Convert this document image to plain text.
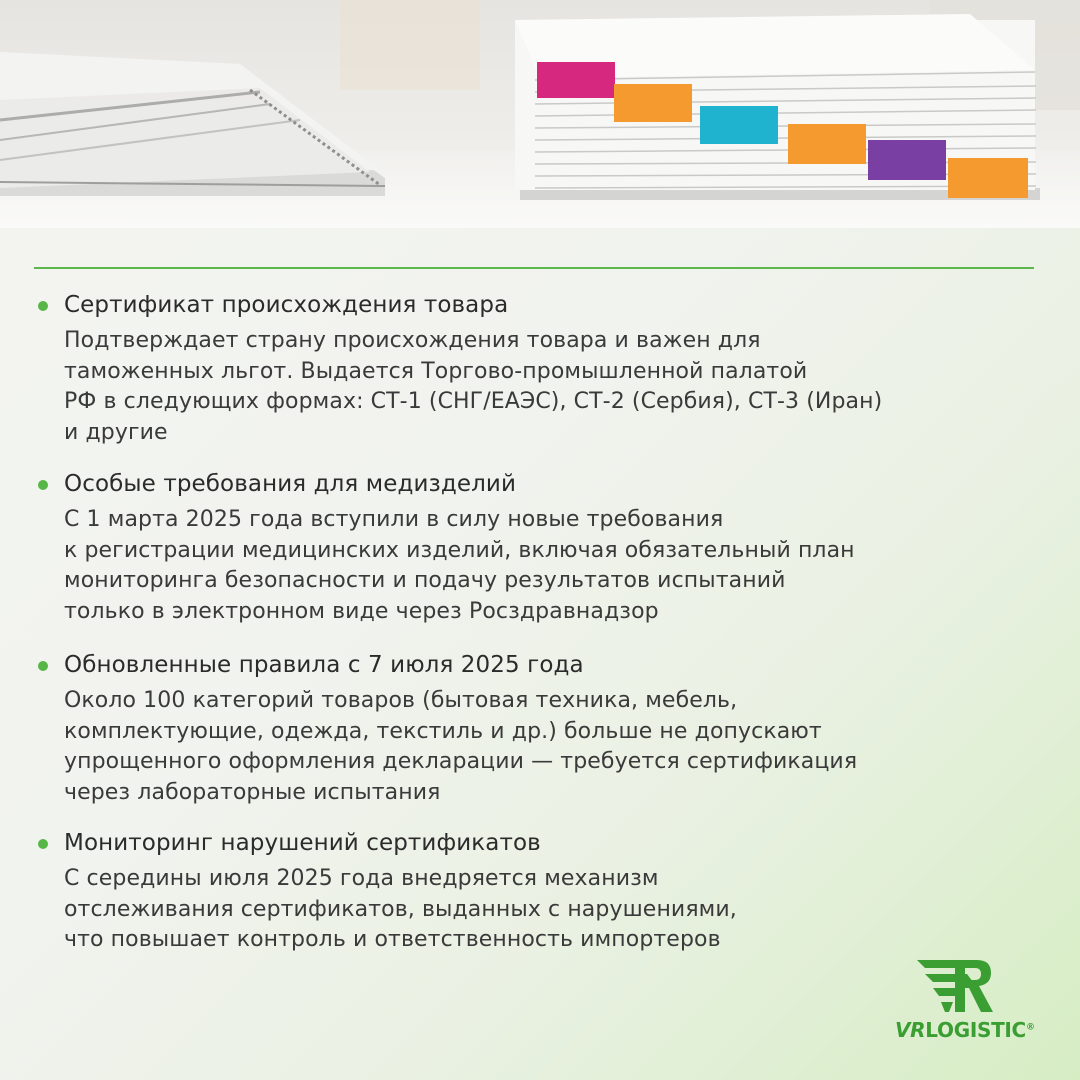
Сертификат происхождения товара
Подтверждает страну происхождения товара и важен для
таможенных льгот. Выдается Торгово-промышленной палатой
РФ в следующих формах: СТ-1 (СНГ/ЕАЭС), СТ-2 (Сербия), СТ-3 (Иран)
и другие
Особые требования для медизделий
С 1 марта 2025 года вступили в силу новые требования
к регистрации медицинских изделий, включая обязательный план
мониторинга безопасности и подачу результатов испытаний
только в электронном виде через Росздравнадзор
Обновленные правила с 7 июля 2025 года
Около 100 категорий товаров (бытовая техника, мебель,
комплектующие, одежда, текстиль и др.) больше не допускают
упрощенного оформления декларации — требуется сертификация
через лабораторные испытания
Мониторинг нарушений сертификатов
С середины июля 2025 года внедряется механизм
отслеживания сертификатов, выданных с нарушениями,
что повышает контроль и ответственность импортеров
VRLOGISTIC®
